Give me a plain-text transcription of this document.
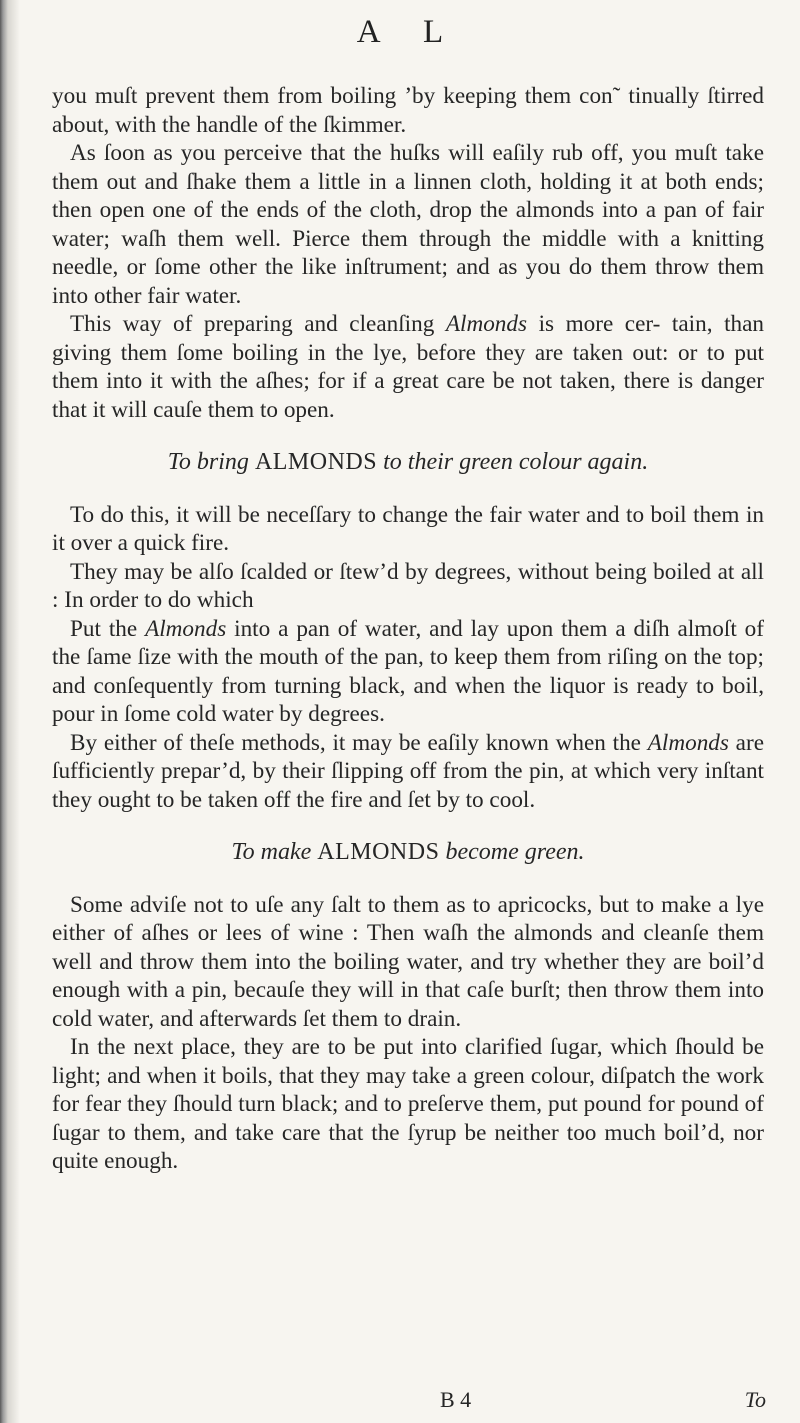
A L

you muſt prevent them from boiling ’by keeping them con˜ tinually ſtirred about, with the handle of the ſkimmer.

As ſoon as you perceive that the huſks will eaſily rub off, you muſt take them out and ſhake them a little in a linnen cloth, holding it at both ends; then open one of the ends of the cloth, drop the almonds into a pan of fair water; waſh them well. Pierce them through the middle with a knitting needle, or ſome other the like inſtrument; and as you do them throw them into other fair water.

This way of preparing and cleanſing Almonds is more cer- tain, than giving them ſome boiling in the lye, before they are taken out: or to put them into it with the aſhes; for if a great care be not taken, there is danger that it will cauſe them to open.

To bring ALMONDS to their green colour again.

To do this, it will be neceſſary to change the fair water and to boil them in it over a quick fire.

They may be alſo ſcalded or ſtew’d by degrees, without being boiled at all : In order to do which

Put the Almonds into a pan of water, and lay upon them a diſh almoſt of the ſame ſize with the mouth of the pan, to keep them from riſing on the top; and conſequently from turning black, and when the liquor is ready to boil, pour in ſome cold water by degrees.

By either of theſe methods, it may be eaſily known when the Almonds are ſufficiently prepar’d, by their ſlipping off from the pin, at which very inſtant they ought to be taken off the fire and ſet by to cool.

To make ALMONDS become green.

Some adviſe not to uſe any ſalt to them as to apricocks, but to make a lye either of aſhes or lees of wine : Then waſh the almonds and cleanſe them well and throw them into the boiling water, and try whether they are boil’d enough with a pin, becauſe they will in that caſe burſt; then throw them into cold water, and afterwards ſet them to drain.

In the next place, they are to be put into clarified ſugar, which ſhould be light; and when it boils, that they may take a green colour, diſpatch the work for fear they ſhould turn black; and to preſerve them, put pound for pound of ſugar to them, and take care that the ſyrup be neither too much boil’d, nor quite enough.

B 4	To
